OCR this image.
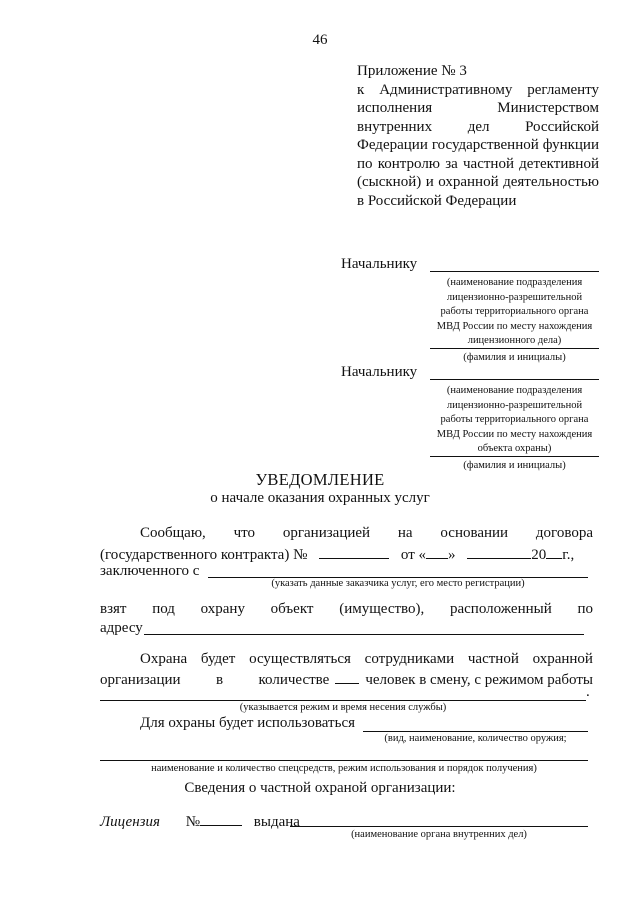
46
Приложение № 3
к Административному регламенту исполнения Министерством внутренних дел Российской Федерации государственной функции по контролю за частной детективной (сыскной) и охранной деятельностью в Российской Федерации
Начальнику
(наименование подразделения лицензионно-разрешительной работы территориального органа МВД России по месту нахождения лицензионного дела)
(фамилия и инициалы)
Начальнику
(наименование подразделения лицензионно-разрешительной работы территориального органа МВД России по месту нахождения объекта охраны)
(фамилия и инициалы)
УВЕДОМЛЕНИЕ
о начале оказания охранных услуг
Сообщаю, что организацией на основании договора
(государственного контракта) №	от « »	20 г.,
заключенного с
(указать данные заказчика услуг, его место регистрации)
взят под охрану объект (имущество), расположенный по
адресу
Охрана будет осуществляться сотрудниками частной охранной
организации в количестве человек в смену, с режимом работы
.
(указывается режим и время несения службы)
Для охраны будет использоваться
(вид, наименование, количество оружия;
наименование и количество спецсредств, режим использования и порядок получения)
Сведения о частной охраной организации:
Лицензия №	выдана
(наименование органа внутренних дел)
